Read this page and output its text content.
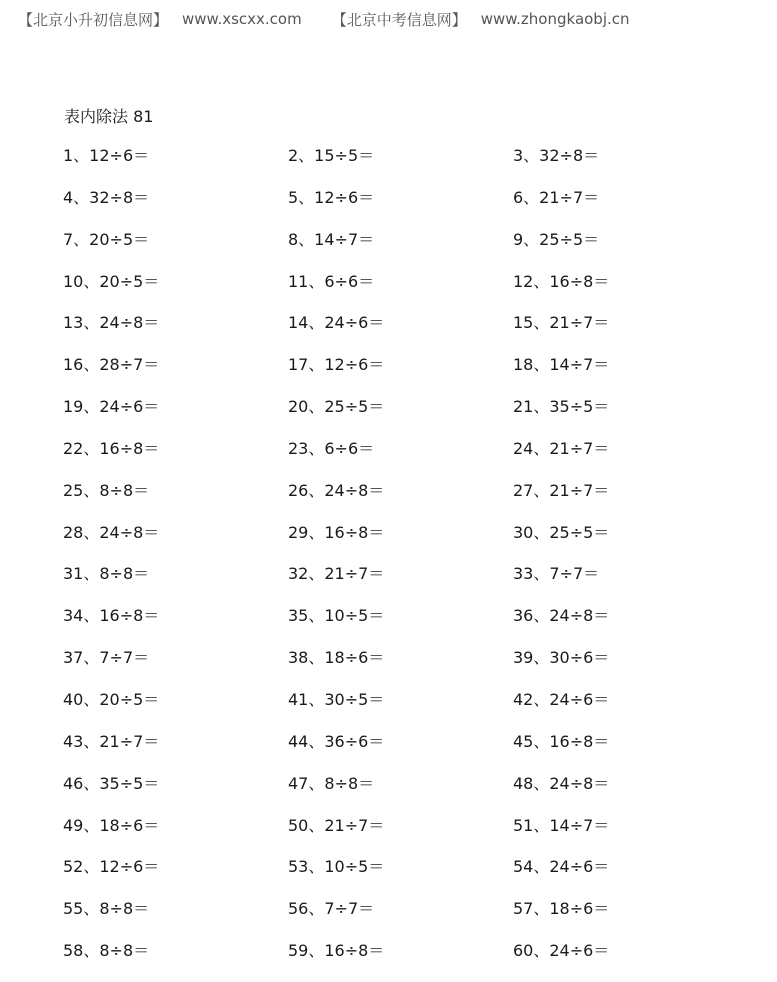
【北京小升初信息网】 www.xscxx.com 【北京中考信息网】 www.zhongkaobj.cn
表内除法 81
1、12÷6＝	2、15÷5＝	3、32÷8＝
4、32÷8＝	5、12÷6＝	6、21÷7＝
7、20÷5＝	8、14÷7＝	9、25÷5＝
10、20÷5＝	11、6÷6＝	12、16÷8＝
13、24÷8＝	14、24÷6＝	15、21÷7＝
16、28÷7＝	17、12÷6＝	18、14÷7＝
19、24÷6＝	20、25÷5＝	21、35÷5＝
22、16÷8＝	23、6÷6＝	24、21÷7＝
25、8÷8＝	26、24÷8＝	27、21÷7＝
28、24÷8＝	29、16÷8＝	30、25÷5＝
31、8÷8＝	32、21÷7＝	33、7÷7＝
34、16÷8＝	35、10÷5＝	36、24÷8＝
37、7÷7＝	38、18÷6＝	39、30÷6＝
40、20÷5＝	41、30÷5＝	42、24÷6＝
43、21÷7＝	44、36÷6＝	45、16÷8＝
46、35÷5＝	47、8÷8＝	48、24÷8＝
49、18÷6＝	50、21÷7＝	51、14÷7＝
52、12÷6＝	53、10÷5＝	54、24÷6＝
55、8÷8＝	56、7÷7＝	57、18÷6＝
58、8÷8＝	59、16÷8＝	60、24÷6＝
